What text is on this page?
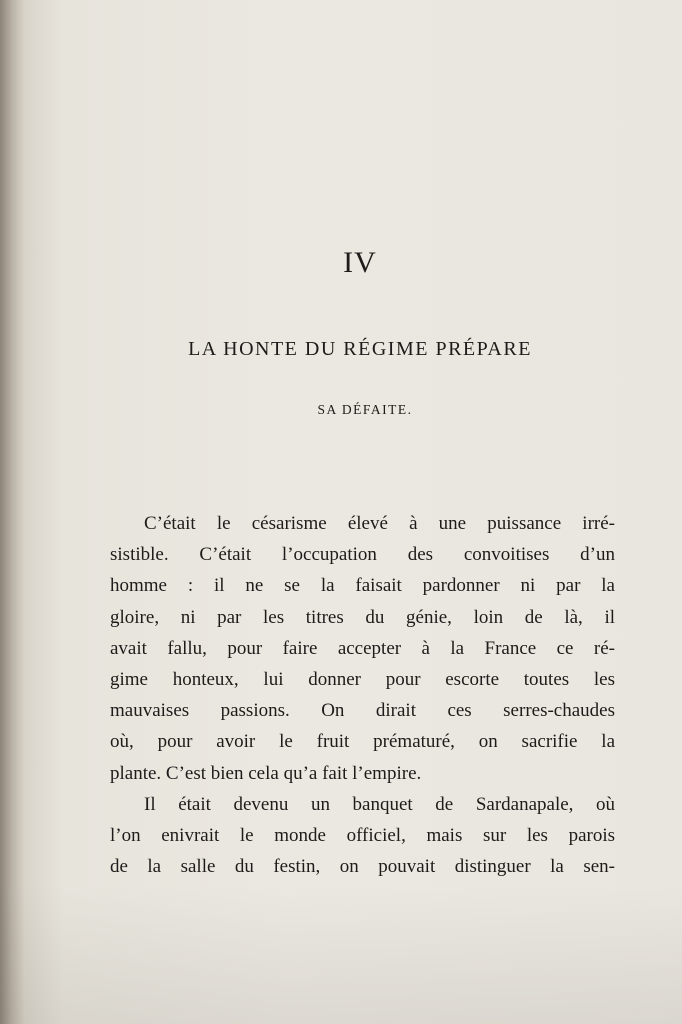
IV
LA HONTE DU RÉGIME PRÉPARE
SA DÉFAITE.
C’était le césarisme élevé à une puissance irré-
sistible. C’était l’occupation des convoitises d’un
homme : il ne se la faisait pardonner ni par la
gloire, ni par les titres du génie, loin de là, il
avait fallu, pour faire accepter à la France ce ré-
gime honteux, lui donner pour escorte toutes les
mauvaises passions. On dirait ces serres-chaudes
où, pour avoir le fruit prématuré, on sacrifie la
plante. C’est bien cela qu’a fait l’empire.
Il était devenu un banquet de Sardanapale, où
l’on enivrait le monde officiel, mais sur les parois
de la salle du festin, on pouvait distinguer la sen-
